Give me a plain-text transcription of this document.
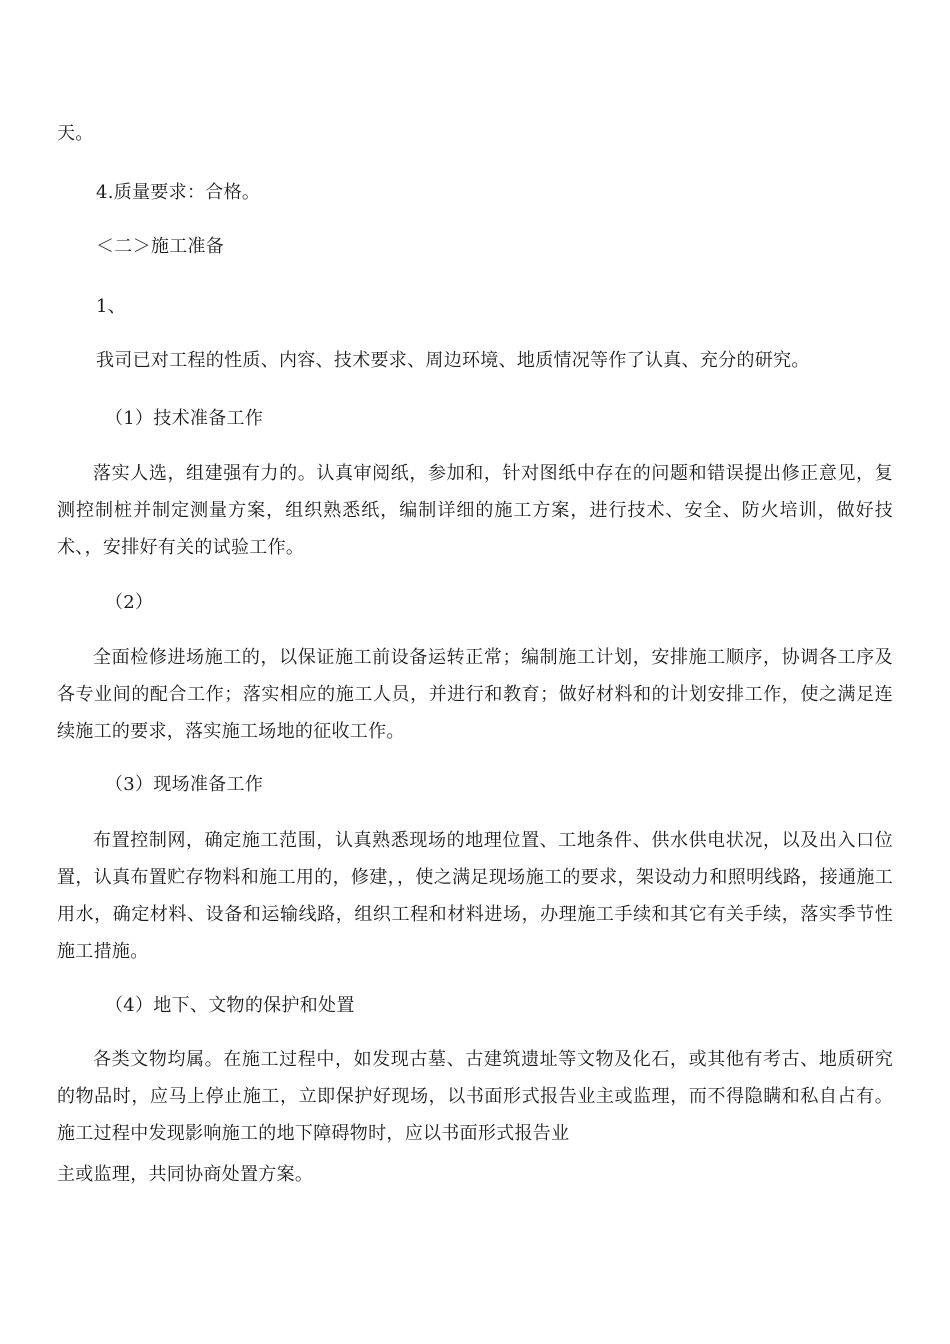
天。
4.质量要求：合格。
＜二＞施工准备
1、
我司已对工程的性质、内容、技术要求、周边环境、地质情况等作了认真、充分的研究。
（1）技术准备工作
落实人选，组建强有力的。认真审阅纸，参加和，针对图纸中存在的问题和错误提出修正意见，复测控制桩并制定测量方案，组织熟悉纸，编制详细的施工方案，进行技术、安全、防火培训，做好技术、，安排好有关的试验工作。
（2）
全面检修进场施工的，以保证施工前设备运转正常；编制施工计划，安排施工顺序，协调各工序及各专业间的配合工作；落实相应的施工人员，并进行和教育；做好材料和的计划安排工作，使之满足连续施工的要求，落实施工场地的征收工作。
（3）现场准备工作
布置控制网，确定施工范围，认真熟悉现场的地理位置、工地条件、供水供电状况，以及出入口位置，认真布置贮存物料和施工用的，修建，，使之满足现场施工的要求，架设动力和照明线路，接通施工用水，确定材料、设备和运输线路，组织工程和材料进场，办理施工手续和其它有关手续，落实季节性施工措施。
（4）地下、文物的保护和处置
各类文物均属。在施工过程中，如发现古墓、古建筑遗址等文物及化石，或其他有考古、地质研究的物品时，应马上停止施工，立即保护好现场，以书面形式报告业主或监理，而不得隐瞒和私自占有。施工过程中发现影响施工的地下障碍物时，应以书面形式报告业
主或监理，共同协商处置方案。
